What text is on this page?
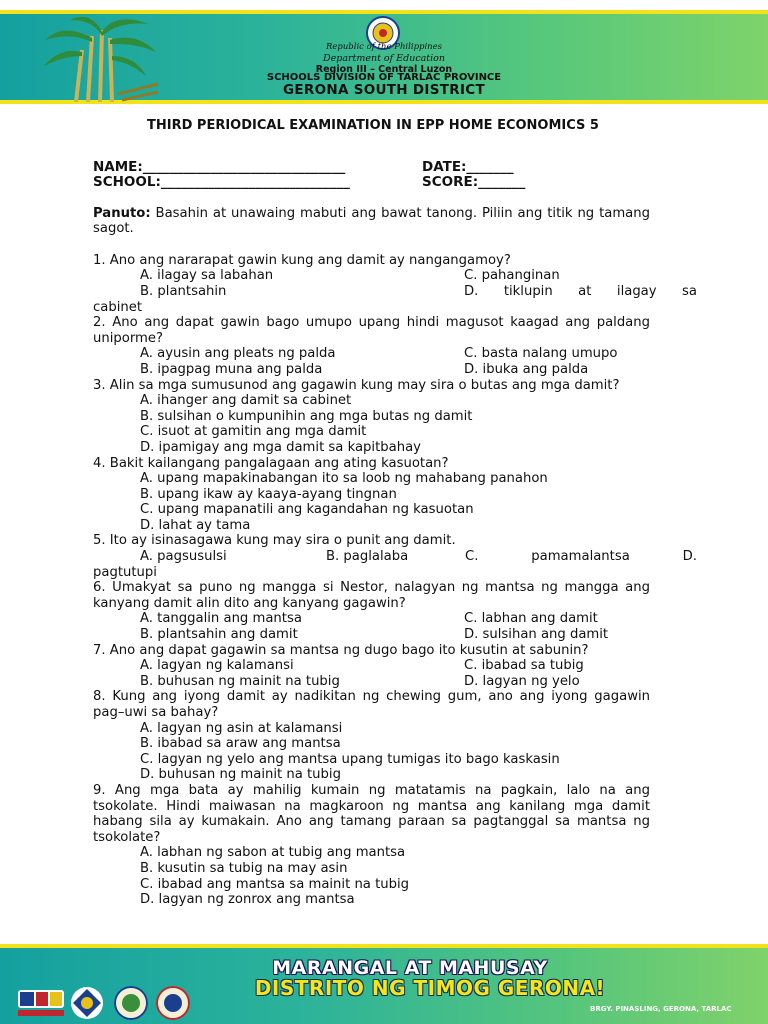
Republic of the Philippines
Department of Education
Region III – Central Luzon
SCHOOLS DIVISION OF TARLAC PROVINCE
GERONA SOUTH DISTRICT
THIRD PERIODICAL EXAMINATION IN EPP HOME ECONOMICS 5
NAME:______________________________	DATE:_______
SCHOOL:____________________________	SCORE:_______
Panuto: Basahin at unawaing mabuti ang bawat tanong. Piliin ang titik ng tamang sagot.
1. Ano ang nararapat gawin kung ang damit ay nangangamoy?
A. ilagay sa labahan	C. pahanginan
B. plantsahin	D. tiklupin at ilagay sa
cabinet
2. Ano ang dapat gawin bago umupo upang hindi magusot kaagad ang paldang uniporme?
A. ayusin ang pleats ng palda	C. basta nalang umupo
B. ipagpag muna ang palda	D. ibuka ang palda
3. Alin sa mga sumusunod ang gagawin kung may sira o butas ang mga damit?
A. ihanger ang damit sa cabinet
B. sulsihan o kumpunihin ang mga butas ng damit
C. isuot at gamitin ang mga damit
D. ipamigay ang mga damit sa kapitbahay
4. Bakit kailangang pangalagaan ang ating kasuotan?
A. upang mapakinabangan ito sa loob ng mahabang panahon
B. upang ikaw ay kaaya-ayang tingnan
C. upang mapanatili ang kagandahan ng kasuotan
D. lahat ay tama
5. Ito ay isinasagawa kung may sira o punit ang damit.
A. pagsusulsi	B. paglalaba	C. pamamalantsa D.
pagtutupi
6. Umakyat sa puno ng mangga si Nestor, nalagyan ng mantsa ng mangga ang kanyang damit alin dito ang kanyang gagawin?
A. tanggalin ang mantsa	C. labhan ang damit
B. plantsahin ang damit	D. sulsihan ang damit
7. Ano ang dapat gagawin sa mantsa ng dugo bago ito kusutin at sabunin?
A. lagyan ng kalamansi	C. ibabad sa tubig
B. buhusan ng mainit na tubig	D. lagyan ng yelo
8. Kung ang iyong damit ay nadikitan ng chewing gum, ano ang iyong gagawin pag–uwi sa bahay?
A. lagyan ng asin at kalamansi
B. ibabad sa araw ang mantsa
C. lagyan ng yelo ang mantsa upang tumigas ito bago kaskasin
D. buhusan ng mainit na tubig
9. Ang mga bata ay mahilig kumain ng matatamis na pagkain, lalo na ang tsokolate. Hindi maiwasan na magkaroon ng mantsa ang kanilang mga damit habang sila ay kumakain. Ano ang tamang paraan sa pagtanggal sa mantsa ng tsokolate?
A. labhan ng sabon at tubig ang mantsa
B. kusutin sa tubig na may asin
C. ibabad ang mantsa sa mainit na tubig
D. lagyan ng zonrox ang mantsa
MARANGAL AT MAHUSAY
DISTRITO NG TIMOG GERONA!
BRGY. PINASLING, GERONA, TARLAC
